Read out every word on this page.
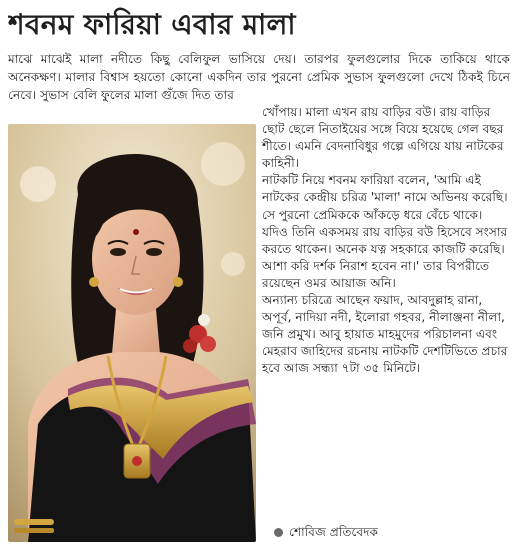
শবনম ফারিয়া এবার মালা
মাঝে মাঝেই মালা নদীতে কিছু বেলিফুল ভাসিয়ে দেয়। তারপর ফুলগুলোর দিকে তাকিয়ে থাকে অনেকক্ষণ। মালার বিশ্বাস হয়তো কোনো একদিন তার পুরনো প্রেমিক সুভাস ফুলগুলো দেখে ঠিকই চিনে নেবে। সুভাস বেলি ফুলের মালা গুঁজে দিত তার

খোঁপায়। মালা এখন রায় বাড়ির বউ। রায় বাড়ির ছোট ছেলে নিতাইয়ের সঙ্গে বিয়ে হয়েছে গেল বছর শীতে। এমনি বেদনাবিধুর গল্পে এগিয়ে যায় নাটকের কাহিনী।

নাটকটি নিয়ে শবনম ফারিয়া বলেন, 'আমি এই নাটকের কেন্দ্রীয় চরিত্র 'মালা' নামে অভিনয় করেছি। সে পুরনো প্রেমিককে আঁকড়ে ধরে বেঁচে থাকে। যদিও তিনি একসময় রায় বাড়ির বউ হিসেবে সংসার করতে থাকেন। অনেক যত্ন সহকারে কাজটি করেছি। আশা করি দর্শক নিরাশ হবেন না।' তার বিপরীতে রয়েছেন ওমর আয়াজ অনি।

অন্যান্য চরিত্রে আছেন ফয়াদ, আবদুল্লাহ রানা, অপূর্ব, নাদিয়া নদী, ইলোরা গহবর, নীলাঞ্জনা নীলা, জনি প্রমুখ। আবু হায়াত মাহমুদের পরিচালনা এবং মেহরাব জাহিদের রচনায় নাটকটি দেশটিভিতে প্রচার হবে আজ সন্ধ্যা ৭টা ৩৫ মিনিটে।

শোবিজ প্রতিবেদক
